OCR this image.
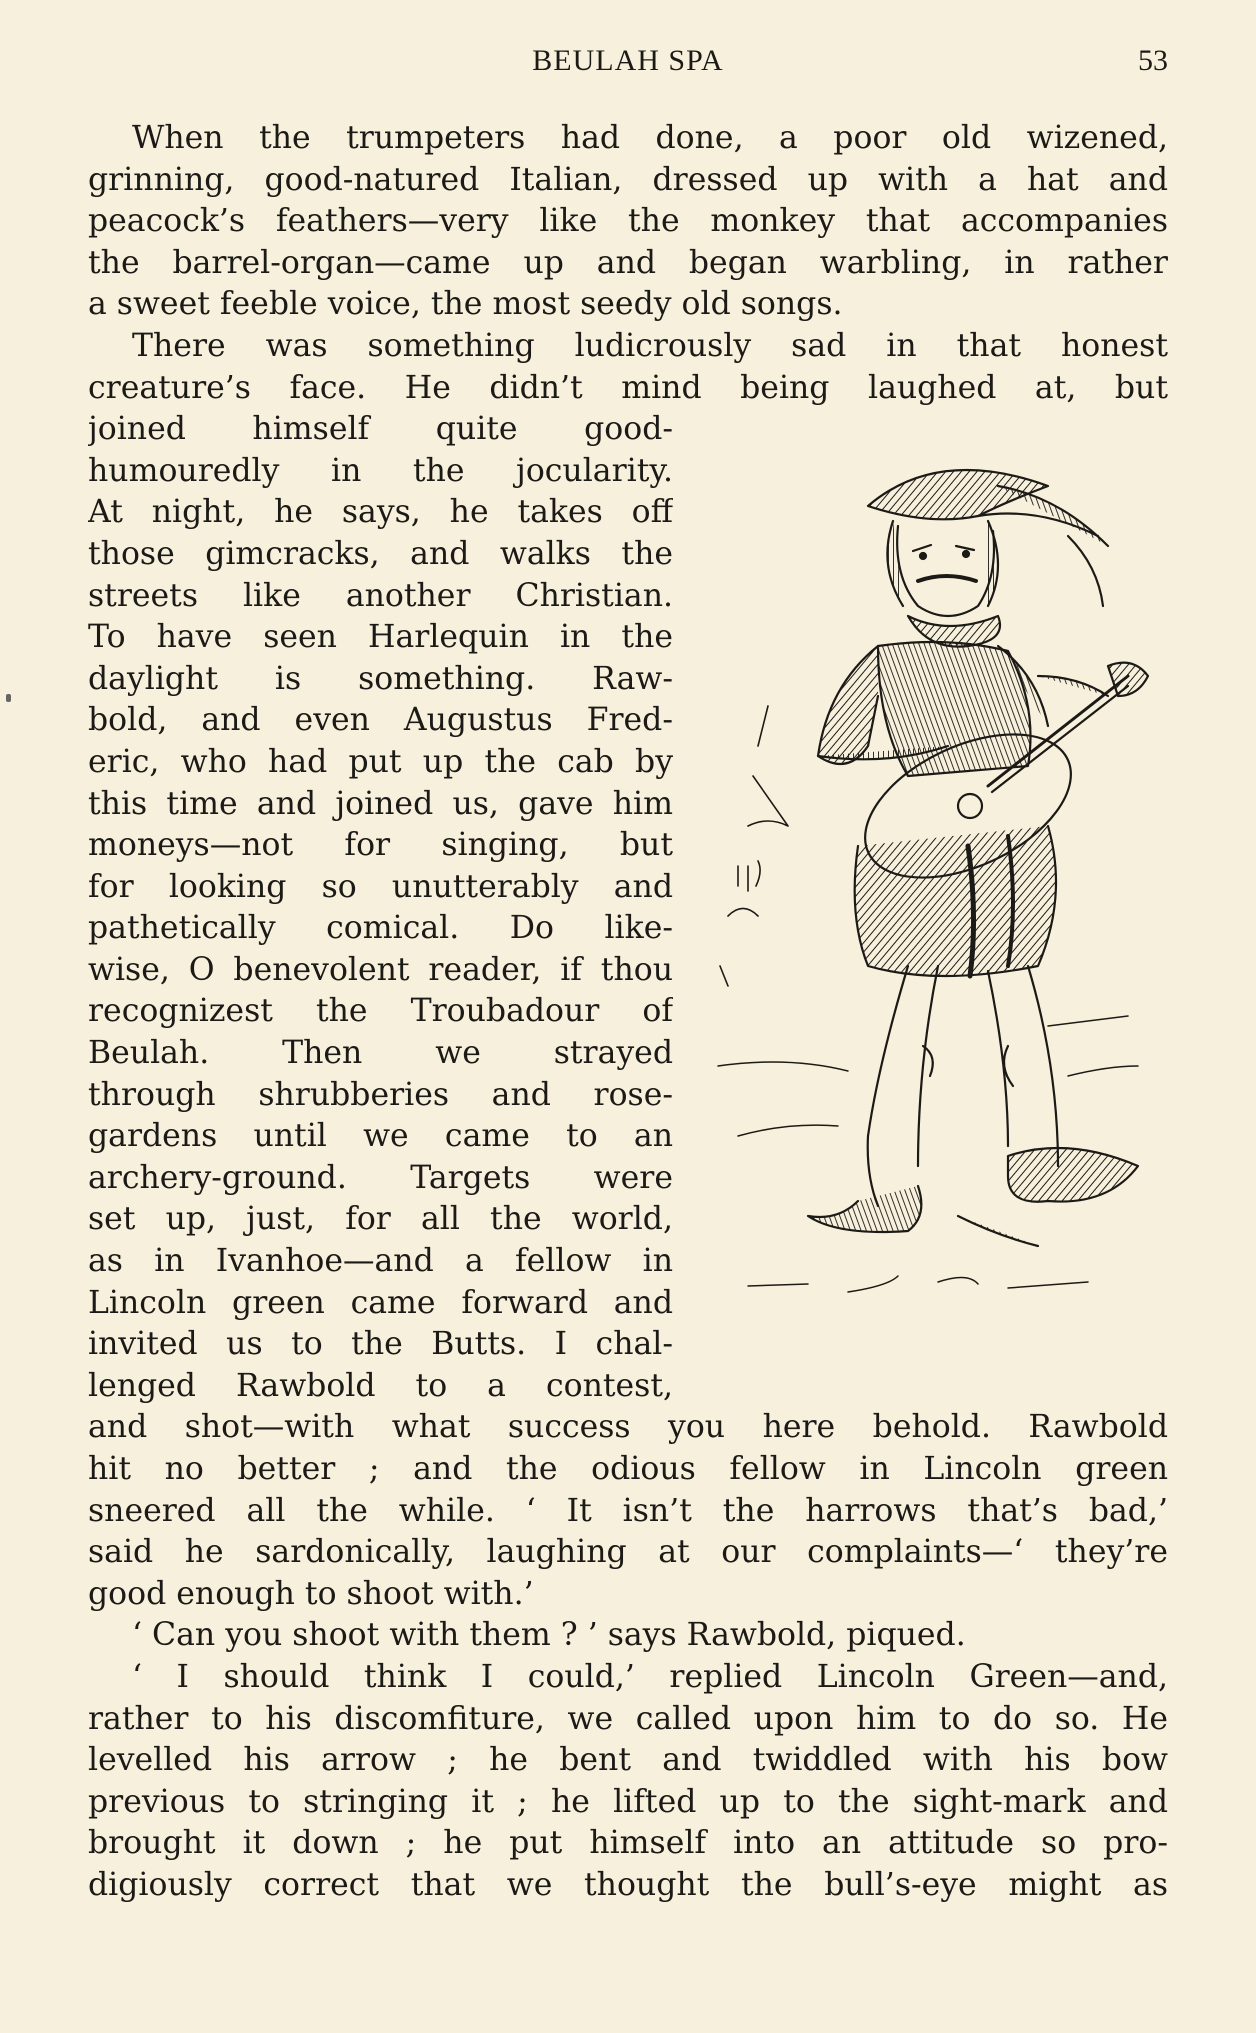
BEULAH SPA	53
When the trumpeters had done, a poor old wizened,
grinning, good-natured Italian, dressed up with a hat and
peacock’s feathers—very like the monkey that accompanies
the barrel-organ—came up and began warbling, in rather
a sweet feeble voice, the most seedy old songs.
There was something ludicrously sad in that honest
creature’s face. He didn’t mind being laughed at, but
joined himself quite good-
humouredly in the jocularity.
At night, he says, he takes off
those gimcracks, and walks the
streets like another Christian.
To have seen Harlequin in the
daylight is something. Raw-
bold, and even Augustus Fred-
eric, who had put up the cab by
this time and joined us, gave him
moneys—not for singing, but
for looking so unutterably and
pathetically comical. Do like-
wise, O benevolent reader, if thou
recognizest the Troubadour of
Beulah. Then we strayed
through shrubberies and rose-
gardens until we came to an
archery-ground. Targets were
set up, just, for all the world,
as in Ivanhoe—and a fellow in
Lincoln green came forward and
invited us to the Butts. I chal-
lenged Rawbold to a contest,
and shot—with what success you here behold. Rawbold
hit no better ; and the odious fellow in Lincoln green
sneered all the while. ‘ It isn’t the harrows that’s bad,’
said he sardonically, laughing at our complaints—‘ they’re
good enough to shoot with.’
‘ Can you shoot with them ? ’ says Rawbold, piqued.
‘ I should think I could,’ replied Lincoln Green—and,
rather to his discomfiture, we called upon him to do so. He
levelled his arrow ; he bent and twiddled with his bow
previous to stringing it ; he lifted up to the sight-mark and
brought it down ; he put himself into an attitude so pro-
digiously correct that we thought the bull’s-eye might as
